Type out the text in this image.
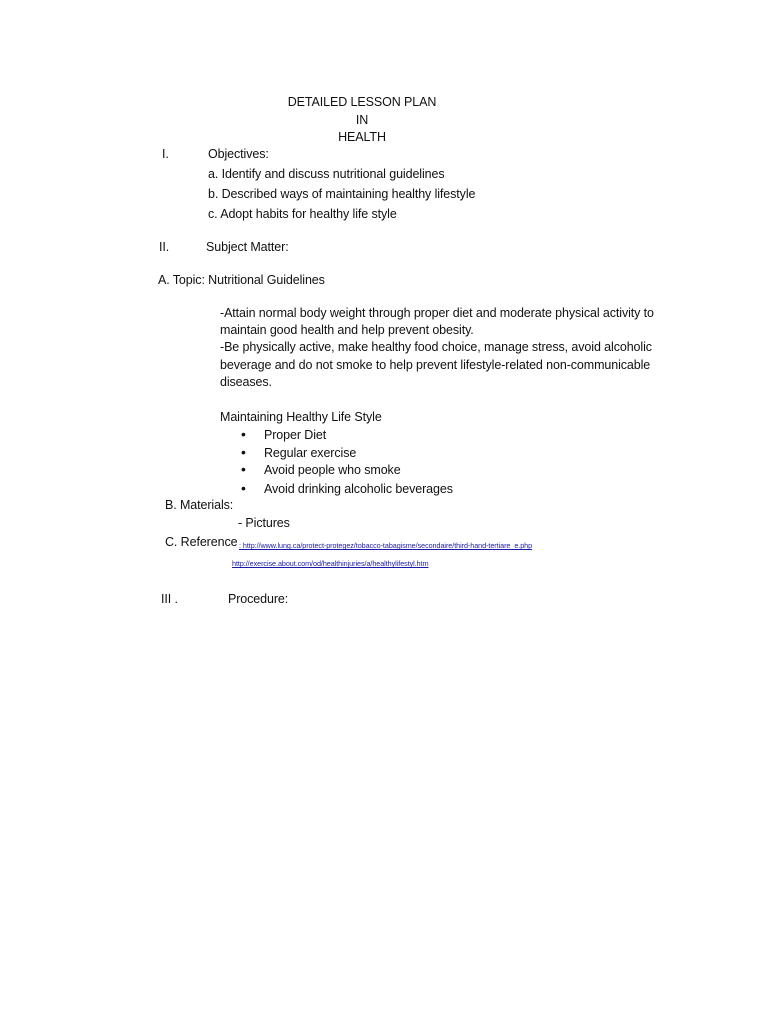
DETAILED LESSON PLAN
IN
HEALTH
I.	Objectives:
a. Identify and discuss nutritional guidelines
b. Described ways of maintaining healthy lifestyle
c. Adopt habits for healthy life style
II.	Subject Matter:
A. Topic: Nutritional Guidelines
-Attain normal body weight through proper diet and moderate physical activity to
maintain good health and help prevent obesity.
-Be physically active, make healthy food choice, manage stress, avoid alcoholic
beverage and do not smoke to help prevent lifestyle-related non-communicable
diseases.
Maintaining Healthy Life Style
• Proper Diet
• Regular exercise
• Avoid people who smoke
• Avoid drinking alcoholic beverages
B. Materials:
- Pictures
C. Reference : http://www.lung.ca/protect-protegez/tobacco-tabagisme/secondaire/third-hand-tertiare_e.php
http://exercise.about.com/od/healthinjuries/a/healthylifestyl.htm
III .	Procedure:
